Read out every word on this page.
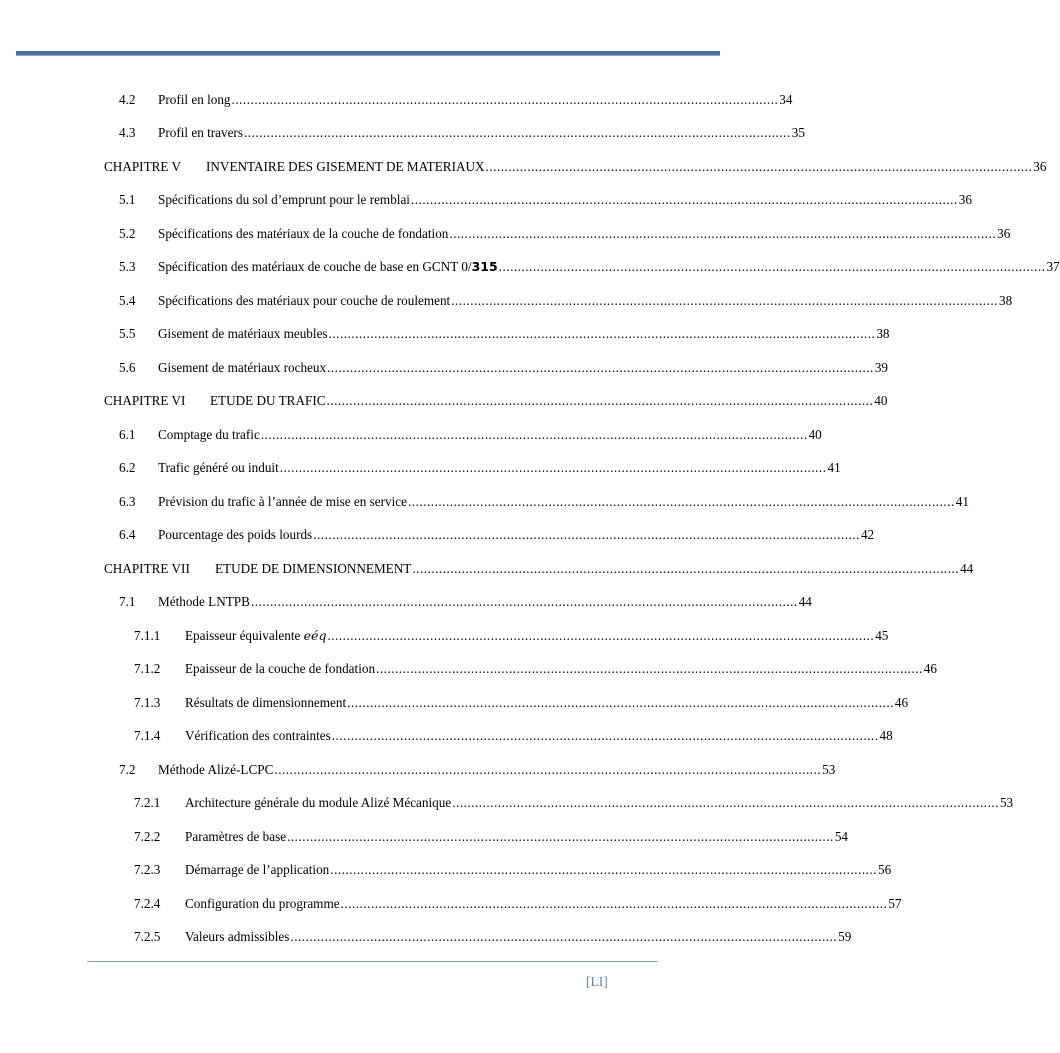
4.2	Profil en long ................................................................................................................................................ 34
4.3	Profil en travers ................................................................................................................................................ 35
CHAPITRE V	INVENTAIRE DES GISEMENT DE MATERIAUX ................................................................................................................................................ 36
5.1	Spécifications du sol d’emprunt pour le remblai ................................................................................................................................................ 36
5.2	Spécifications des matériaux de la couche de fondation ................................................................................................................................................ 36
5.3	Spécification des matériaux de couche de base en GCNT 0/ 315 ................................................................................................................................................ 37
5.4	Spécifications des matériaux pour couche de roulement ................................................................................................................................................ 38
5.5	Gisement de matériaux meubles ................................................................................................................................................ 38
5.6	Gisement de matériaux rocheux ................................................................................................................................................ 39
CHAPITRE VI	ETUDE DU TRAFIC ................................................................................................................................................ 40
6.1	Comptage du trafic ................................................................................................................................................ 40
6.2	Trafic généré ou induit ................................................................................................................................................ 41
6.3	Prévision du trafic à l’année de mise en service ................................................................................................................................................ 41
6.4	Pourcentage des poids lourds ................................................................................................................................................ 42
CHAPITRE VII	ETUDE DE DIMENSIONNEMENT ................................................................................................................................................ 44
7.1	Méthode LNTPB ................................................................................................................................................ 44
7.1.1	Epaisseur équivalente eéq ................................................................................................................................................ 45
7.1.2	Epaisseur de la couche de fondation ................................................................................................................................................ 46
7.1.3	Résultats de dimensionnement ................................................................................................................................................ 46
7.1.4	Vérification des contraintes ................................................................................................................................................ 48
7.2	Méthode Alizé-LCPC ................................................................................................................................................ 53
7.2.1	Architecture générale du module Alizé Mécanique ................................................................................................................................................ 53
7.2.2	Paramètres de base ................................................................................................................................................ 54
7.2.3	Démarrage de l’application ................................................................................................................................................ 56
7.2.4	Configuration du programme ................................................................................................................................................ 57
7.2.5	Valeurs admissibles ................................................................................................................................................ 59
[LI]
